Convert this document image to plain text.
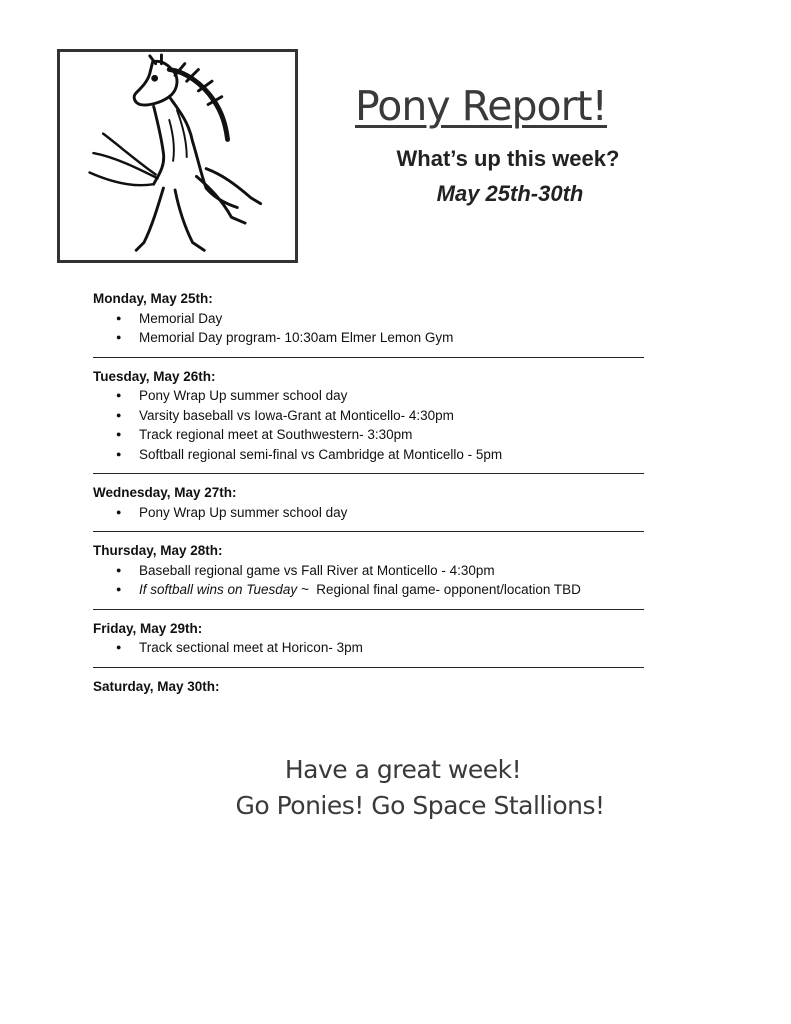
Pony Report!
What’s up this week?
May 25th-30th
Monday, May 25th:
● Memorial Day
● Memorial Day program- 10:30am Elmer Lemon Gym
Tuesday, May 26th:
● Pony Wrap Up summer school day
● Varsity baseball vs Iowa-Grant at Monticello- 4:30pm
● Track regional meet at Southwestern- 3:30pm
● Softball regional semi-final vs Cambridge at Monticello - 5pm
Wednesday, May 27th:
● Pony Wrap Up summer school day
Thursday, May 28th:
● Baseball regional game vs Fall River at Monticello - 4:30pm
● If softball wins on Tuesday ~ Regional final game- opponent/location TBD
Friday, May 29th:
● Track sectional meet at Horicon- 3pm
Saturday, May 30th:
Have a great week!
Go Ponies! Go Space Stallions!
